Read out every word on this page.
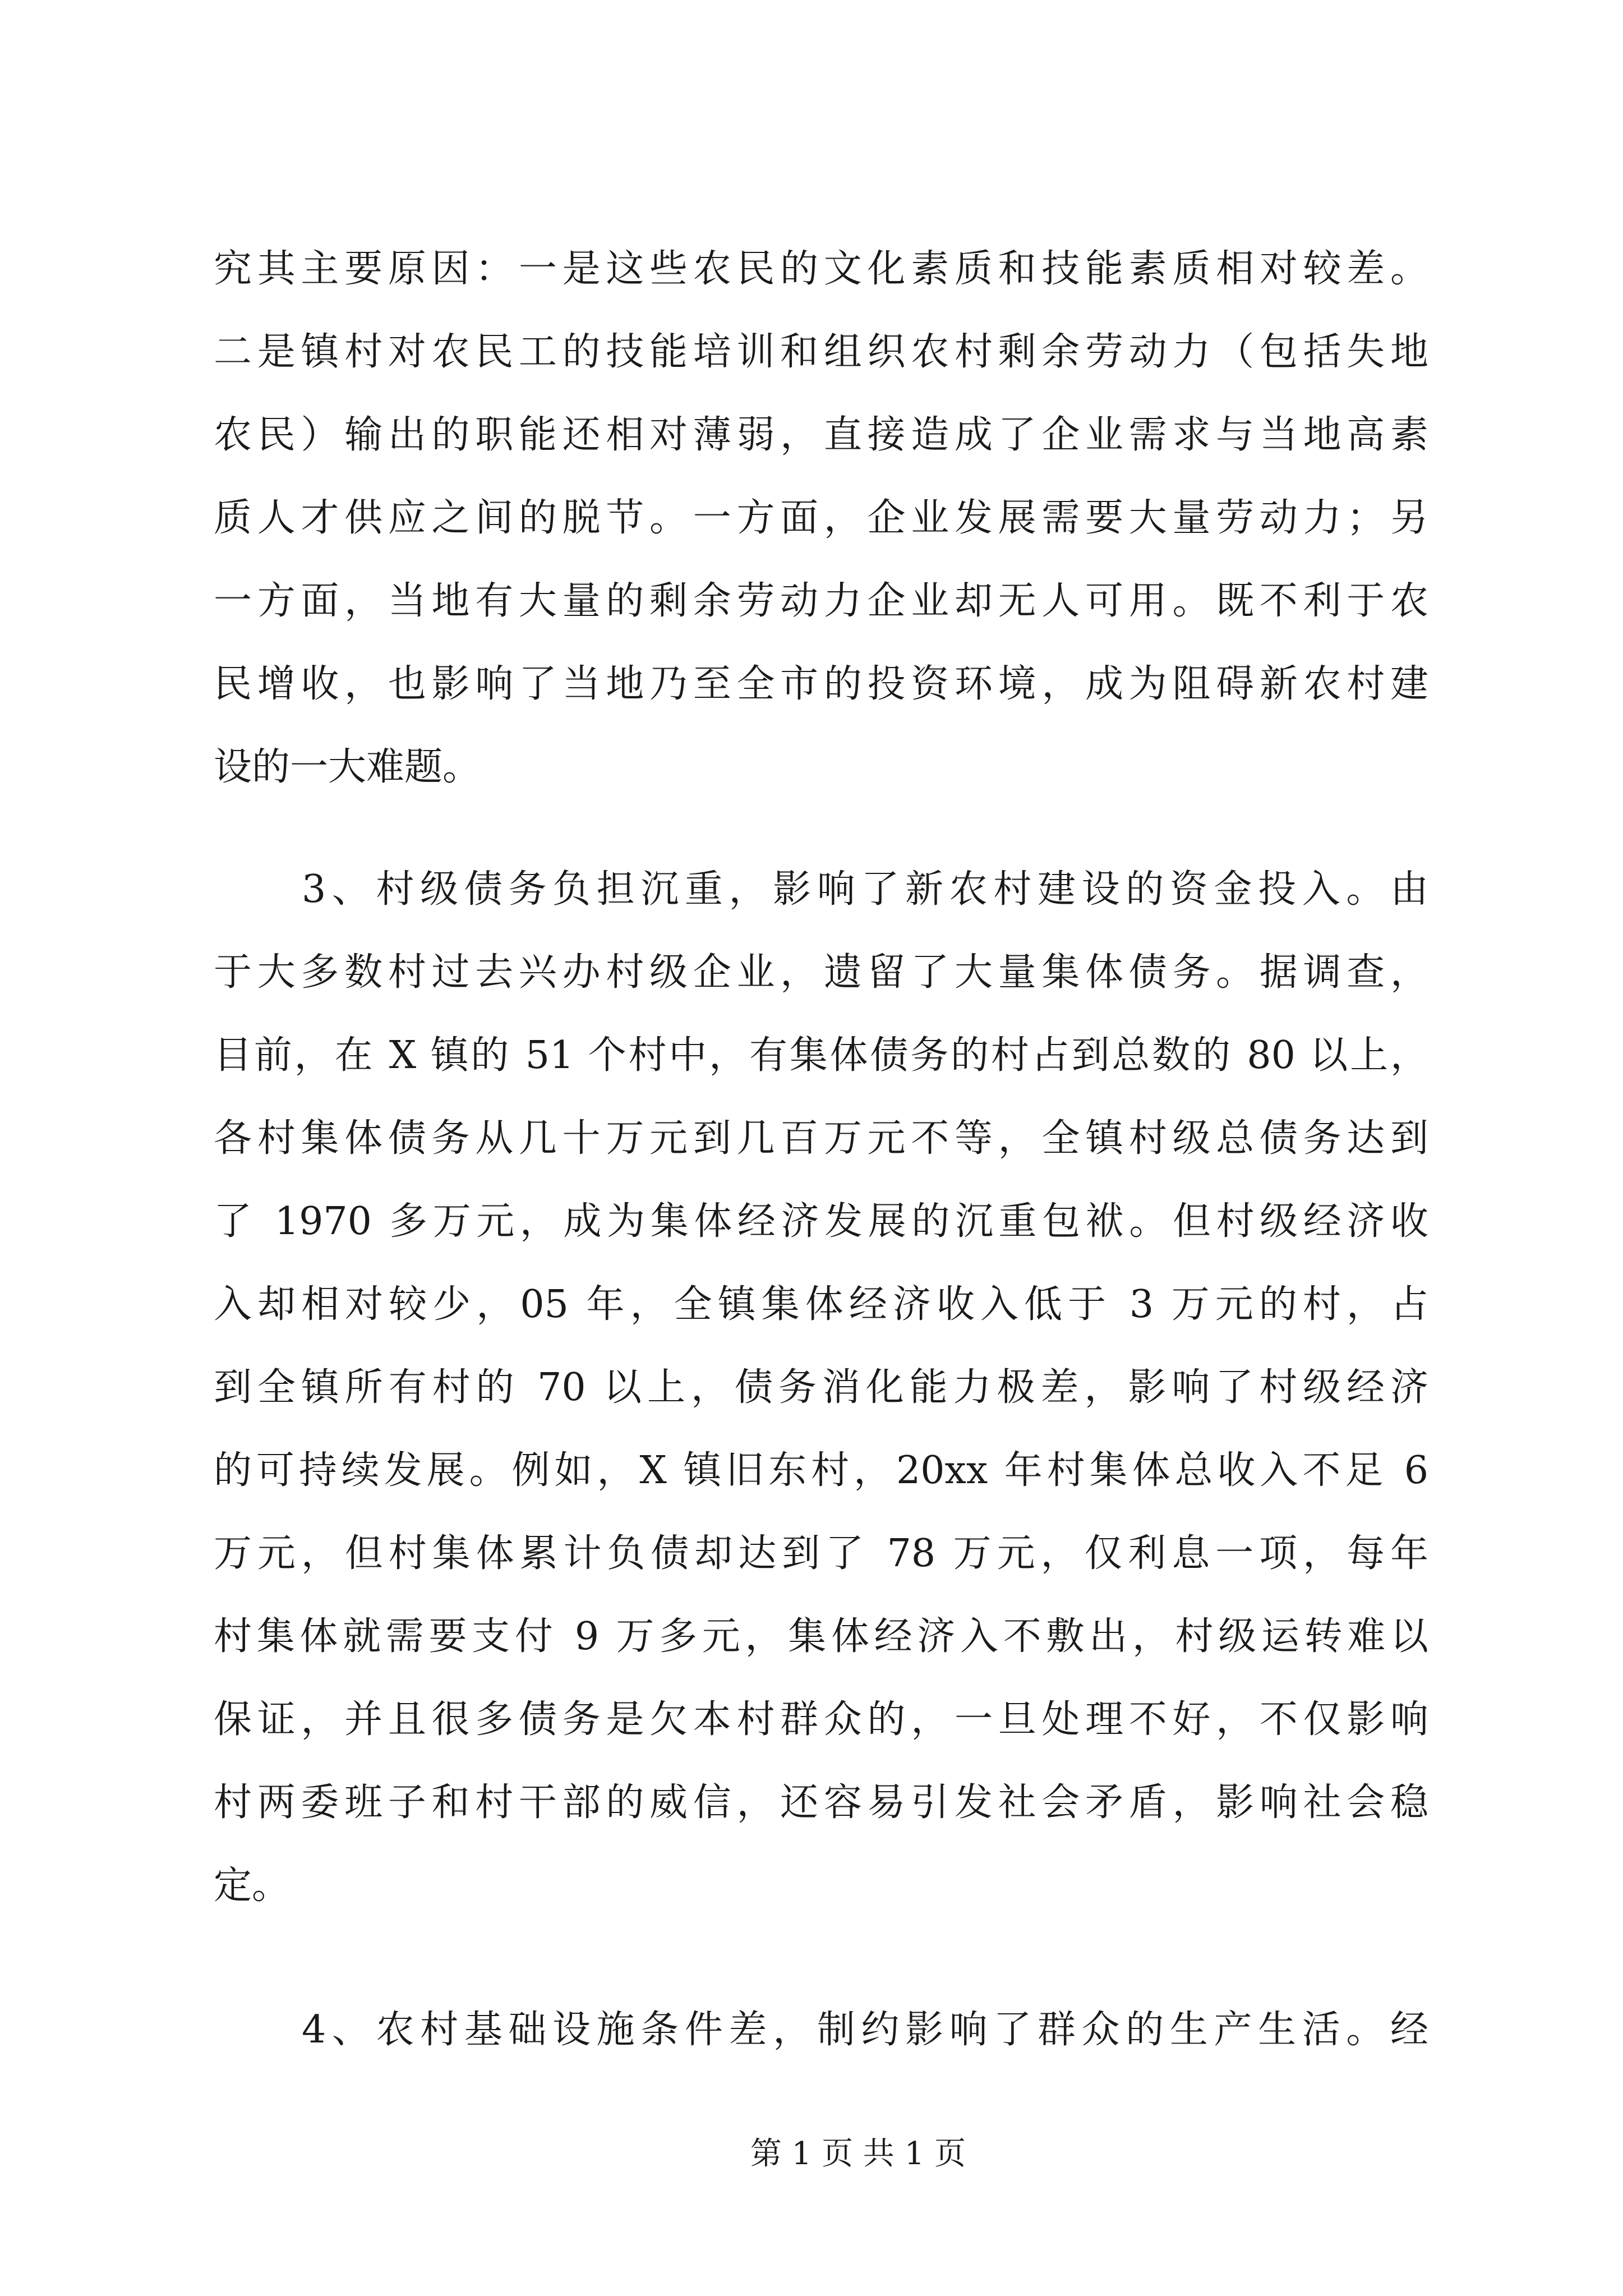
究其主要原因：一是这些农民的文化素质和技能素质相对较差。
二是镇村对农民工的技能培训和组织农村剩余劳动力（包括失地
农民）输出的职能还相对薄弱，直接造成了企业需求与当地高素
质人才供应之间的脱节。一方面，企业发展需要大量劳动力；另
一方面，当地有大量的剩余劳动力企业却无人可用。既不利于农
民增收，也影响了当地乃至全市的投资环境，成为阻碍新农村建
设的一大难题。
3、村级债务负担沉重，影响了新农村建设的资金投入。由
于大多数村过去兴办村级企业，遗留了大量集体债务。据调查，
目前，在 X 镇的 51 个村中，有集体债务的村占到总数的 80 以上，
各村集体债务从几十万元到几百万元不等，全镇村级总债务达到
了 1970 多万元，成为集体经济发展的沉重包袱。但村级经济收
入却相对较少，05 年，全镇集体经济收入低于 3 万元的村，占
到全镇所有村的 70 以上，债务消化能力极差，影响了村级经济
的可持续发展。例如，X 镇旧东村，20xx 年村集体总收入不足 6
万元，但村集体累计负债却达到了 78 万元，仅利息一项，每年
村集体就需要支付 9 万多元，集体经济入不敷出，村级运转难以
保证，并且很多债务是欠本村群众的，一旦处理不好，不仅影响
村两委班子和村干部的威信，还容易引发社会矛盾，影响社会稳
定。
4、农村基础设施条件差，制约影响了群众的生产生活。经
第 1 页 共 1 页
